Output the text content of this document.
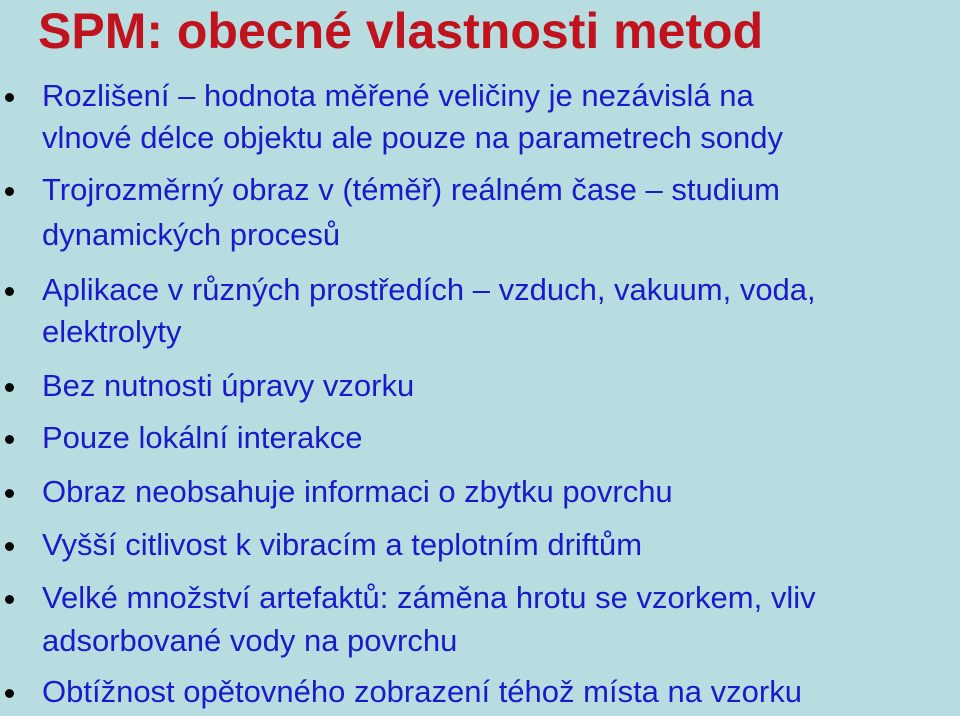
SPM: obecné vlastnosti metod
Rozlišení – hodnota měřené veličiny je nezávislá na
vlnové délce objektu ale pouze na parametrech sondy
Trojrozměrný obraz v (téměř) reálném čase – studium
dynamických procesů
Aplikace v různých prostředích – vzduch, vakuum, voda,
elektrolyty
Bez nutnosti úpravy vzorku
Pouze lokální interakce
Obraz neobsahuje informaci o zbytku povrchu
Vyšší citlivost k vibracím a teplotním driftům
Velké množství artefaktů: záměna hrotu se vzorkem, vliv
adsorbované vody na povrchu
Obtížnost opětovného zobrazení téhož místa na vzorku
